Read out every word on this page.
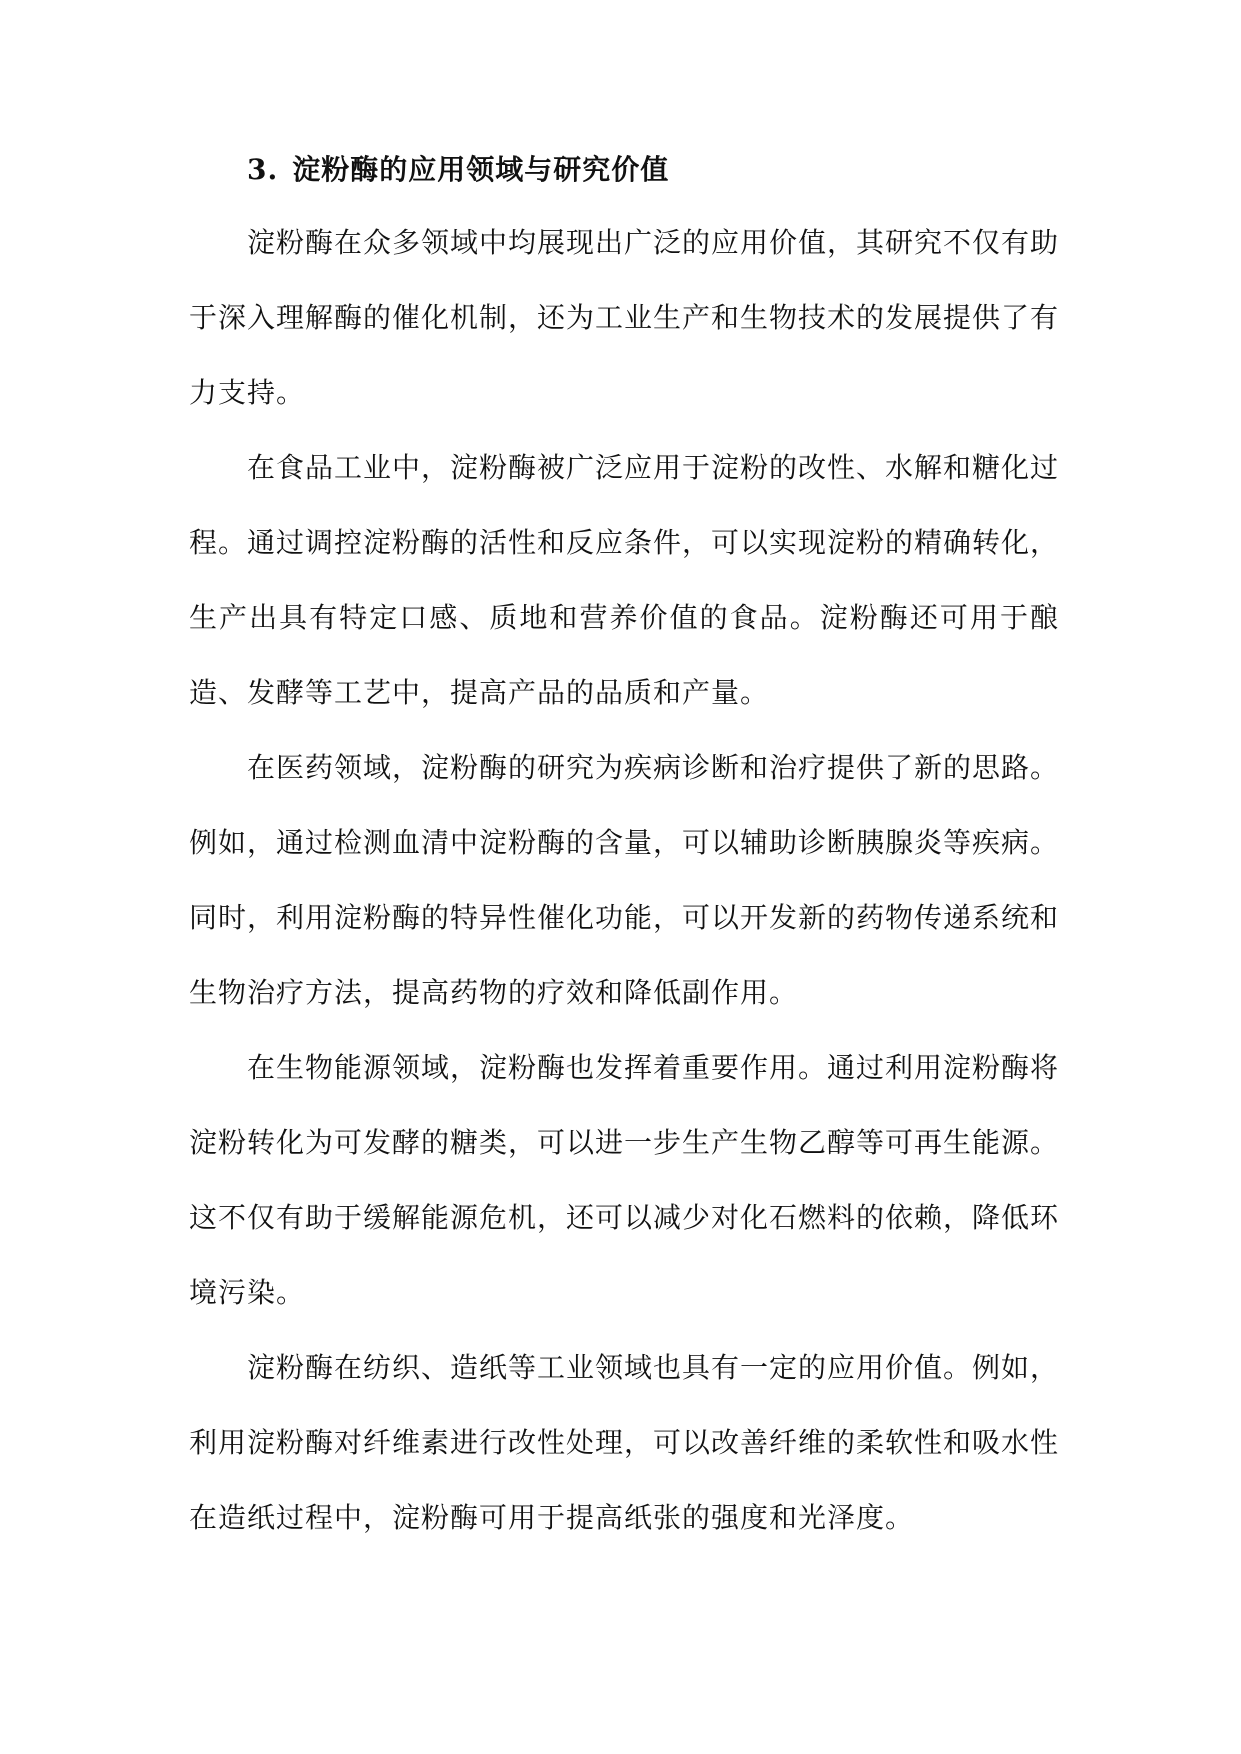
3. 淀粉酶的应用领域与研究价值

淀粉酶在众多领域中均展现出广泛的应用价值，其研究不仅有助于深入理解酶的催化机制，还为工业生产和生物技术的发展提供了有力支持。

在食品工业中，淀粉酶被广泛应用于淀粉的改性、水解和糖化过程。通过调控淀粉酶的活性和反应条件，可以实现淀粉的精确转化，生产出具有特定口感、质地和营养价值的食品。淀粉酶还可用于酿造、发酵等工艺中，提高产品的品质和产量。

在医药领域，淀粉酶的研究为疾病诊断和治疗提供了新的思路。例如，通过检测血清中淀粉酶的含量，可以辅助诊断胰腺炎等疾病。同时，利用淀粉酶的特异性催化功能，可以开发新的药物传递系统和生物治疗方法，提高药物的疗效和降低副作用。

在生物能源领域，淀粉酶也发挥着重要作用。通过利用淀粉酶将淀粉转化为可发酵的糖类，可以进一步生产生物乙醇等可再生能源。这不仅有助于缓解能源危机，还可以减少对化石燃料的依赖，降低环境污染。

淀粉酶在纺织、造纸等工业领域也具有一定的应用价值。例如，利用淀粉酶对纤维素进行改性处理，可以改善纤维的柔软性和吸水性在造纸过程中，淀粉酶可用于提高纸张的强度和光泽度。
